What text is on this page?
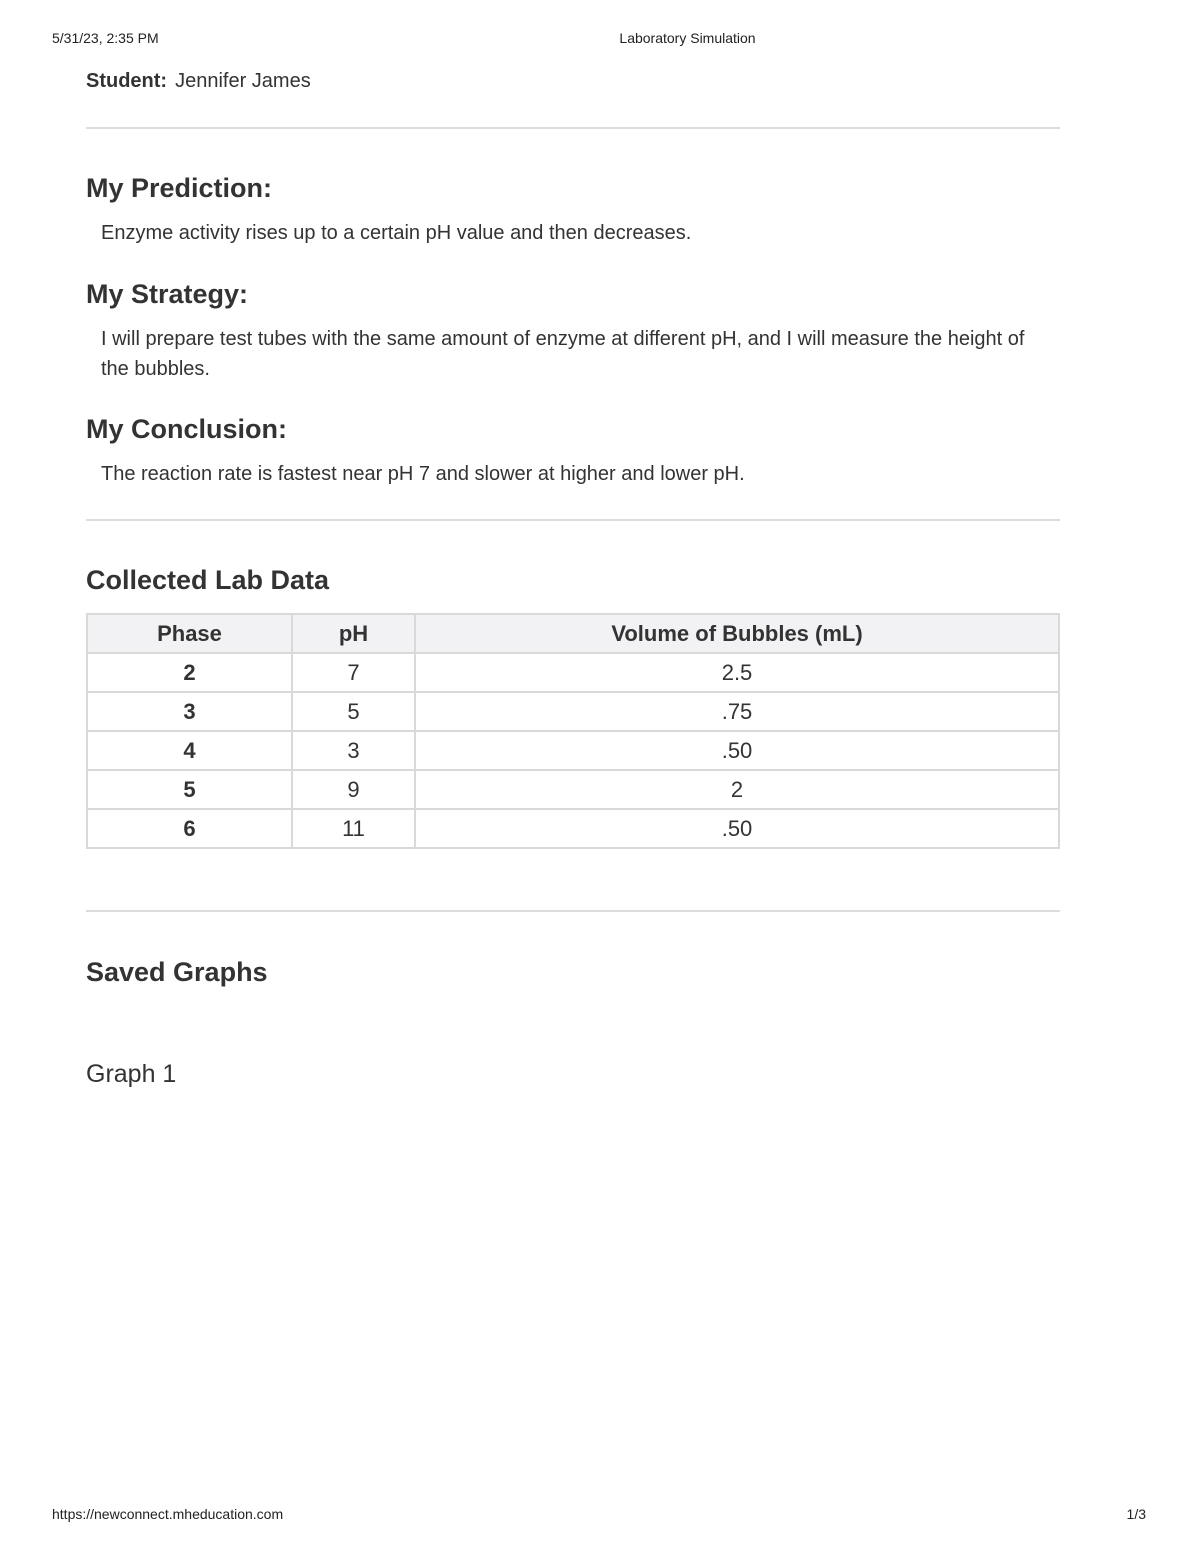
5/31/23, 2:35 PM	Laboratory Simulation
Student: Jennifer James
My Prediction:
Enzyme activity rises up to a certain pH value and then decreases.
My Strategy:
I will prepare test tubes with the same amount of enzyme at different pH, and I will measure the height of the bubbles.
My Conclusion:
The reaction rate is fastest near pH 7 and slower at higher and lower pH.
Collected Lab Data
Phase	pH	Volume of Bubbles (mL)
2	7	2.5
3	5	.75
4	3	.50
5	9	2
6	11	.50
Saved Graphs
Graph 1
https://newconnect.mheducation.com	1/3
